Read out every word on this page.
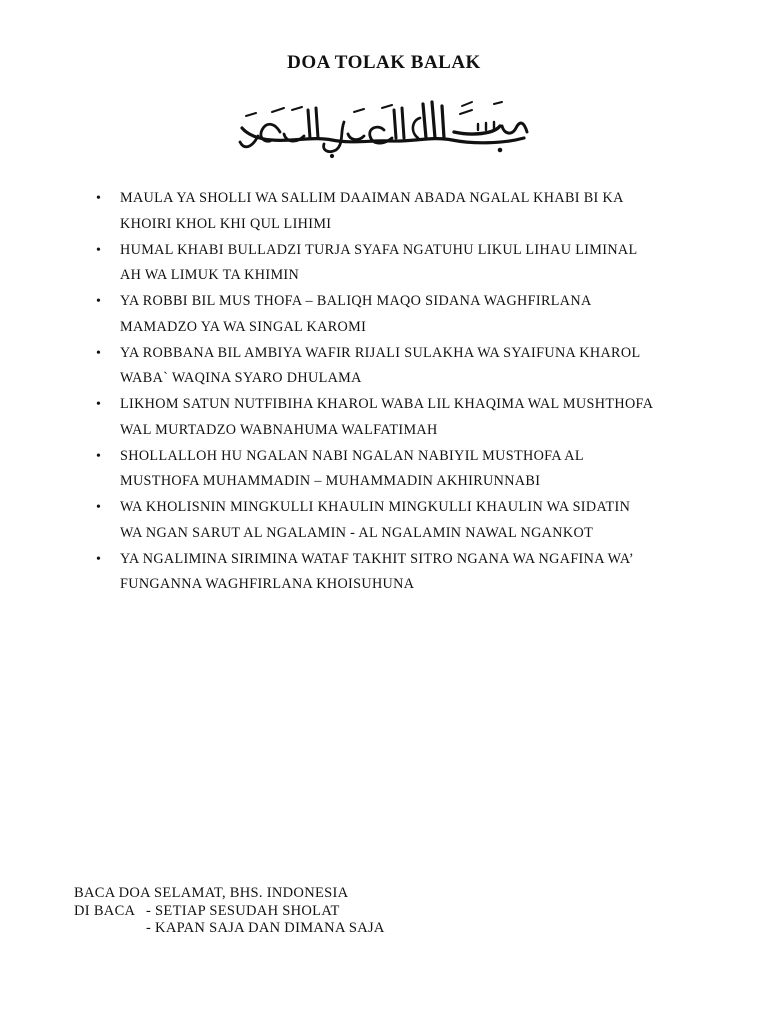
DOA TOLAK BALAK
• MAULA YA SHOLLI WA SALLIM DAAIMAN ABADA NGALAL KHABI BI KA
KHOIRI KHOL KHI QUL LIHIMI
• HUMAL KHABI BULLADZI TURJA SYAFA NGATUHU LIKUL LIHAU LIMINAL
AH WA LIMUK TA KHIMIN
• YA ROBBI BIL MUS THOFA – BALIQH MAQO SIDANA WAGHFIRLANA
MAMADZO YA WA SINGAL KAROMI
• YA ROBBANA BIL AMBIYA WAFIR RIJALI SULAKHA WA SYAIFUNA KHAROL
WABA` WAQINA SYARO DHULAMA
• LIKHOM SATUN NUTFIBIHA KHAROL WABA LIL KHAQIMA WAL MUSHTHOFA
WAL MURTADZO WABNAHUMA WALFATIMAH
• SHOLLALLOH HU NGALAN NABI NGALAN NABIYIL MUSTHOFA AL
MUSTHOFA MUHAMMADIN – MUHAMMADIN AKHIRUNNABI
• WA KHOLISNIN MINGKULLI KHAULIN MINGKULLI KHAULIN WA SIDATIN
WA NGAN SARUT AL NGALAMIN - AL NGALAMIN NAWAL NGANKOT
• YA NGALIMINA SIRIMINA WATAF TAKHIT SITRO NGANA WA NGAFINA WA’
FUNGANNA WAGHFIRLANA KHOISUHUNA
BACA DOA SELAMAT, BHS. INDONESIA
DI BACA - SETIAP SESUDAH SHOLAT
- KAPAN SAJA DAN DIMANA SAJA
